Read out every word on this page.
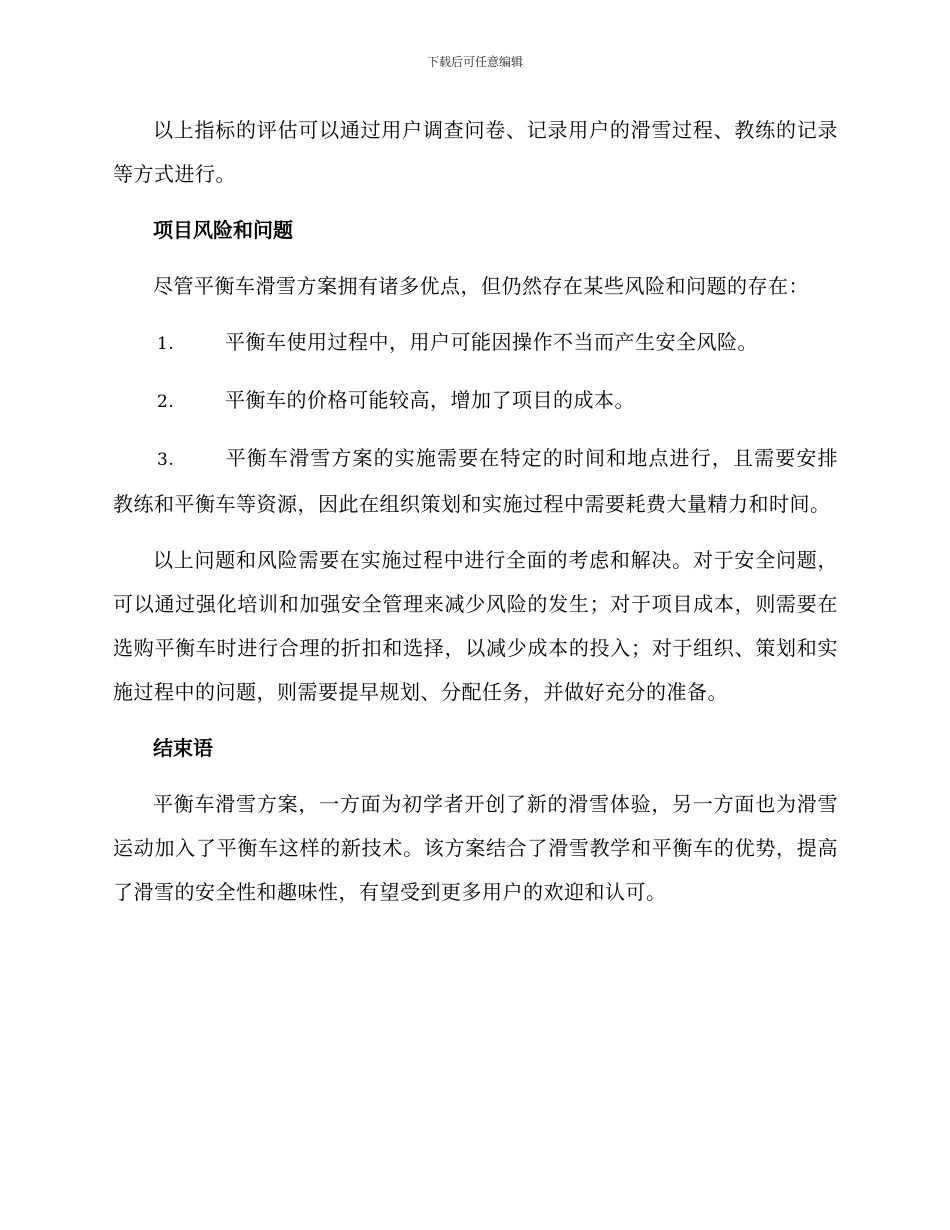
下载后可任意编辑

以上指标的评估可以通过用户调查问卷、记录用户的滑雪过程、教练的记录等方式进行。

项目风险和问题

尽管平衡车滑雪方案拥有诸多优点，但仍然存在某些风险和问题的存在：

1.	平衡车使用过程中，用户可能因操作不当而产生安全风险。

2.	平衡车的价格可能较高，增加了项目的成本。

3.	平衡车滑雪方案的实施需要在特定的时间和地点进行，且需要安排教练和平衡车等资源，因此在组织策划和实施过程中需要耗费大量精力和时间。

以上问题和风险需要在实施过程中进行全面的考虑和解决。对于安全问题，可以通过强化培训和加强安全管理来减少风险的发生；对于项目成本，则需要在选购平衡车时进行合理的折扣和选择，以减少成本的投入；对于组织、策划和实施过程中的问题，则需要提早规划、分配任务，并做好充分的准备。

结束语

平衡车滑雪方案，一方面为初学者开创了新的滑雪体验，另一方面也为滑雪运动加入了平衡车这样的新技术。该方案结合了滑雪教学和平衡车的优势，提高了滑雪的安全性和趣味性，有望受到更多用户的欢迎和认可。
